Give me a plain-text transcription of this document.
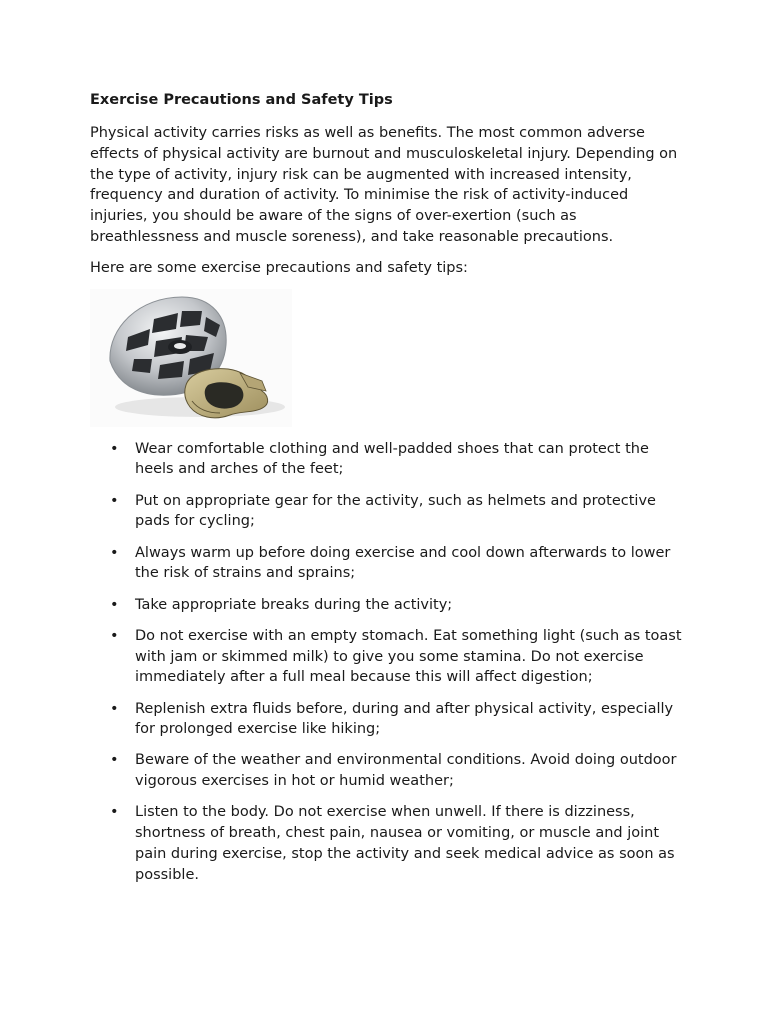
Exercise Precautions and Safety Tips

Physical activity carries risks as well as benefits. The most common adverse effects of physical activity are burnout and musculoskeletal injury. Depending on the type of activity, injury risk can be augmented with increased intensity, frequency and duration of activity. To minimise the risk of activity-induced injuries, you should be aware of the signs of over-exertion (such as breathlessness and muscle soreness), and take reasonable precautions.

Here are some exercise precautions and safety tips:

• Wear comfortable clothing and well-padded shoes that can protect the heels and arches of the feet;
• Put on appropriate gear for the activity, such as helmets and protective pads for cycling;
• Always warm up before doing exercise and cool down afterwards to lower the risk of strains and sprains;
• Take appropriate breaks during the activity;
• Do not exercise with an empty stomach. Eat something light (such as toast with jam or skimmed milk) to give you some stamina. Do not exercise immediately after a full meal because this will affect digestion;
• Replenish extra fluids before, during and after physical activity, especially for prolonged exercise like hiking;
• Beware of the weather and environmental conditions. Avoid doing outdoor vigorous exercises in hot or humid weather;
• Listen to the body. Do not exercise when unwell. If there is dizziness, shortness of breath, chest pain, nausea or vomiting, or muscle and joint pain during exercise, stop the activity and seek medical advice as soon as possible.
